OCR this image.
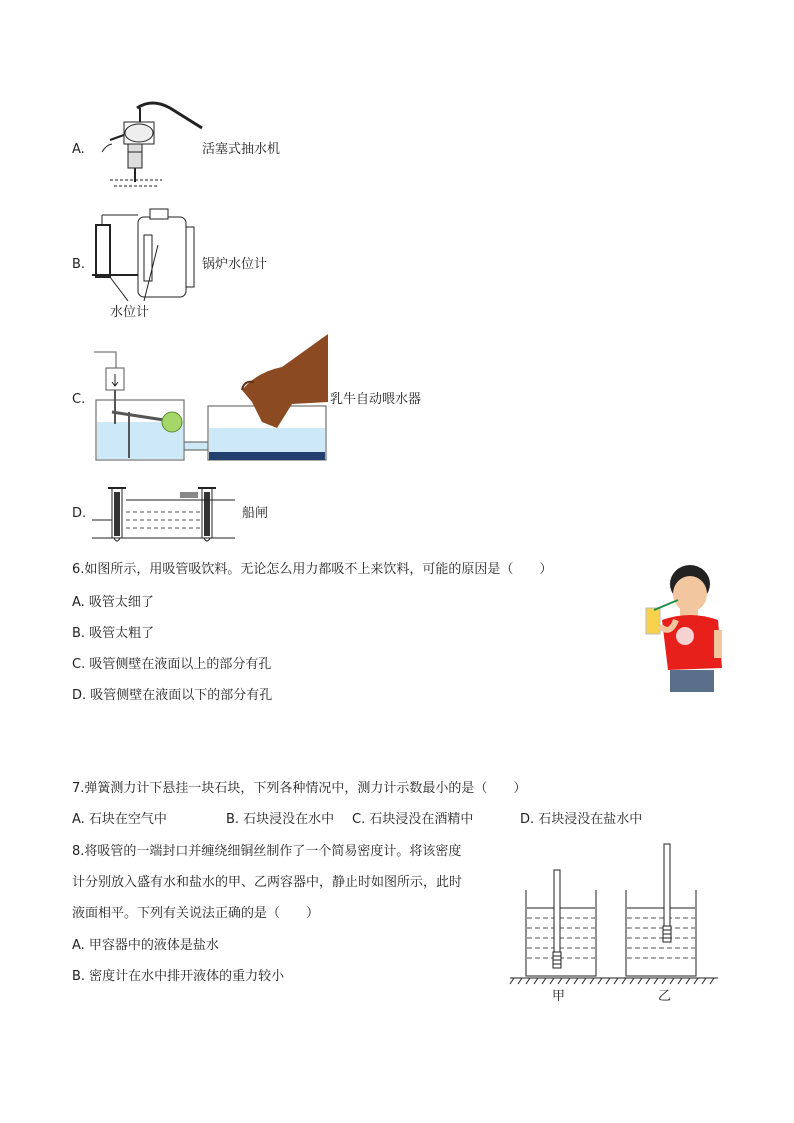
A.	活塞式抽水机
B.	锅炉水位计
水位计
C.	乳牛自动喂水器
D.	船闸
6.如图所示，用吸管吸饮料。无论怎么用力都吸不上来饮料，可能的原因是（　　）
A. 吸管太细了
B. 吸管太粗了
C. 吸管侧壁在液面以上的部分有孔
D. 吸管侧壁在液面以下的部分有孔
7.弹簧测力计下悬挂一块石块，下列各种情况中，测力计示数最小的是（　　）
A. 石块在空气中	B. 石块浸没在水中 C. 石块浸没在酒精中	D. 石块浸没在盐水中
8.将吸管的一端封口并缠绕细铜丝制作了一个简易密度计。将该密度
计分别放入盛有水和盐水的甲、乙两容器中，静止时如图所示，此时
液面相平。下列有关说法正确的是（　　）
A. 甲容器中的液体是盐水
B. 密度计在水中排开液体的重力较小
甲	乙
